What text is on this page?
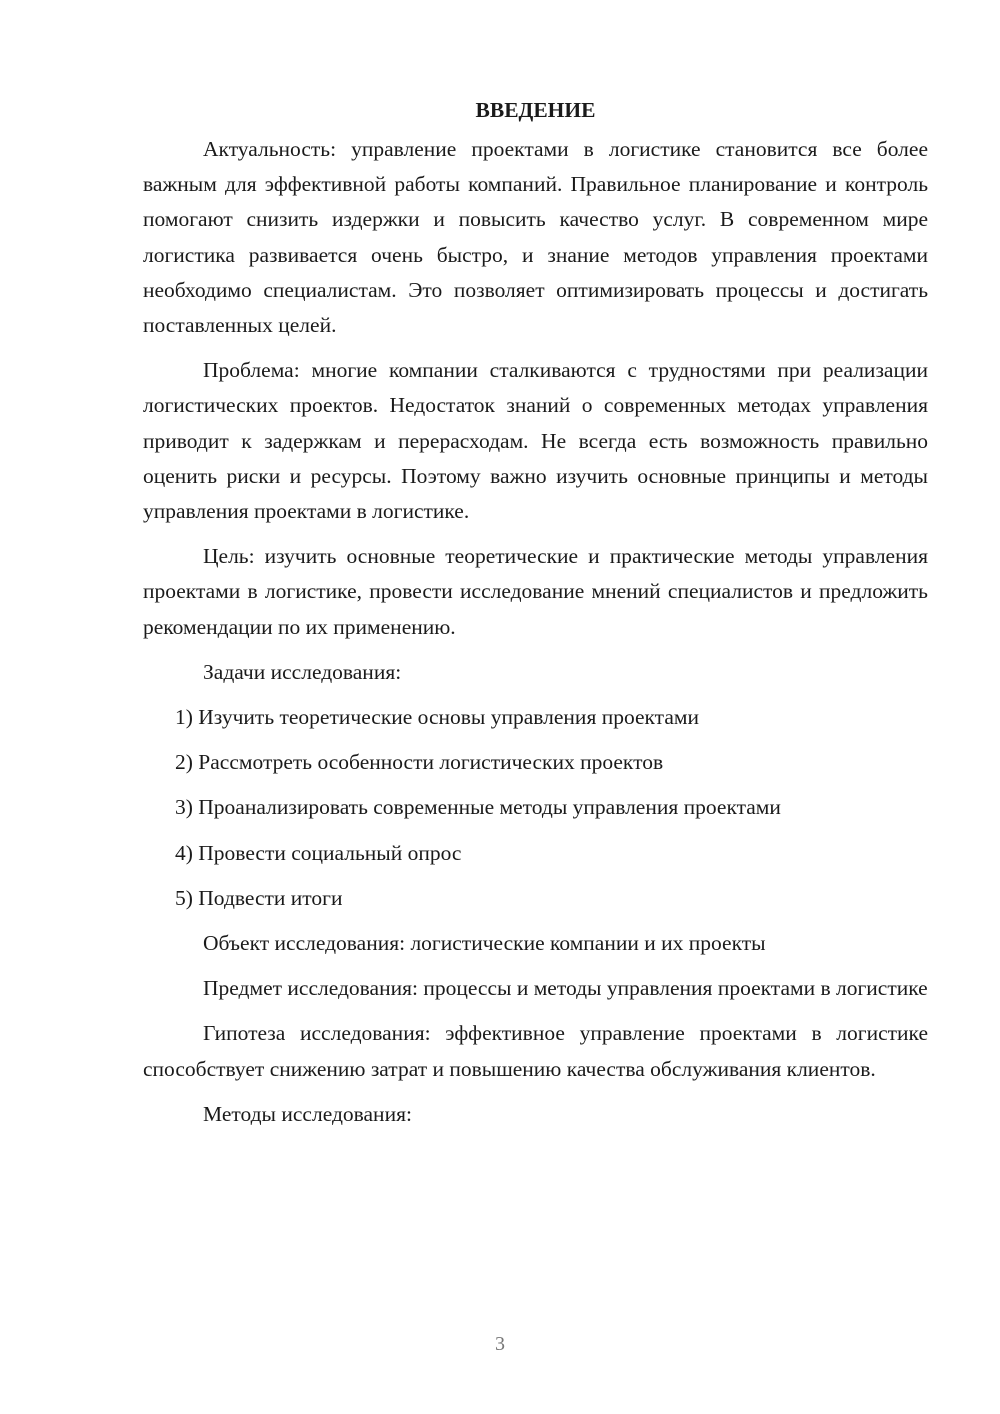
ВВЕДЕНИЕ

Актуальность: управление проектами в логистике становится все более важным для эффективной работы компаний. Правильное планирование и контроль помогают снизить издержки и повысить качество услуг. В современном мире логистика развивается очень быстро, и знание методов управления проектами необходимо специалистам. Это позволяет оптимизировать процессы и достигать поставленных целей.

Проблема: многие компании сталкиваются с трудностями при реализации логистических проектов. Недостаток знаний о современных методах управления приводит к задержкам и перерасходам. Не всегда есть возможность правильно оценить риски и ресурсы. Поэтому важно изучить основные принципы и методы управления проектами в логистике.

Цель: изучить основные теоретические и практические методы управления проектами в логистике, провести исследование мнений специалистов и предложить рекомендации по их применению.

Задачи исследования:

1) Изучить теоретические основы управления проектами

2) Рассмотреть особенности логистических проектов

3) Проанализировать современные методы управления проектами

4) Провести социальный опрос

5) Подвести итоги

Объект исследования: логистические компании и их проекты

Предмет исследования: процессы и методы управления проектами в логистике

Гипотеза исследования: эффективное управление проектами в логистике способствует снижению затрат и повышению качества обслуживания клиентов.

Методы исследования:

3
